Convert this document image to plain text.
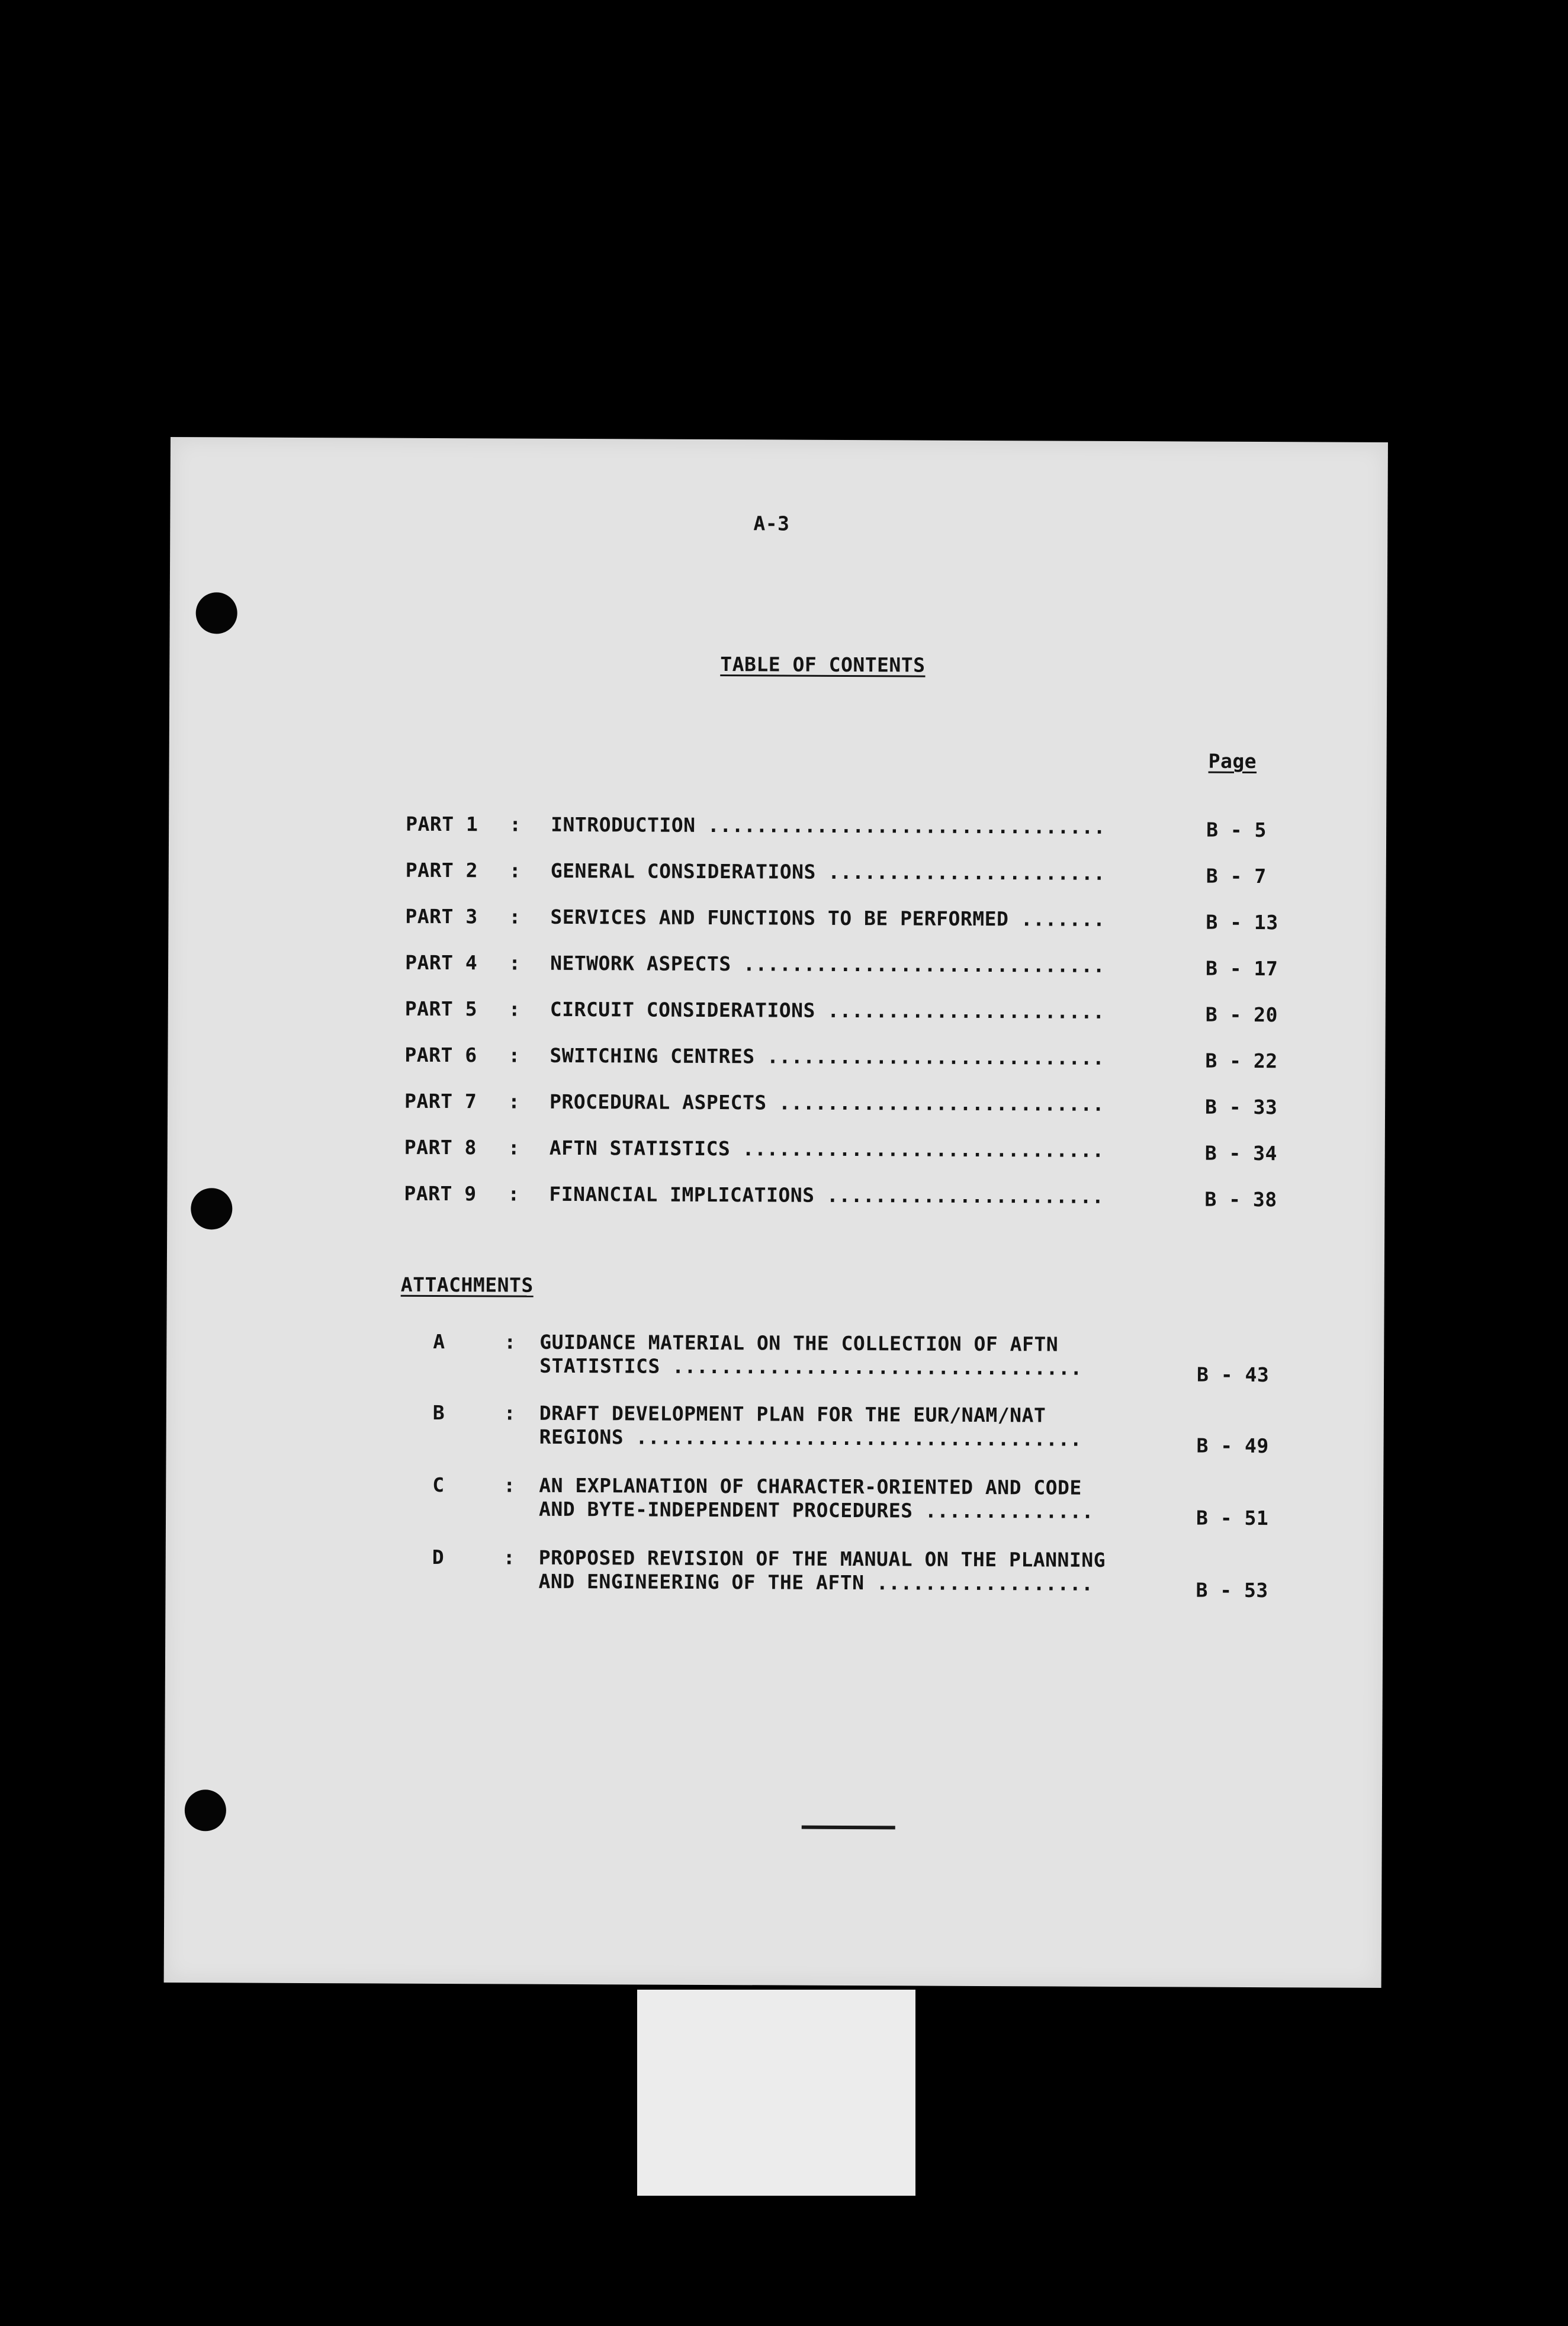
A-3
TABLE OF CONTENTS
Page
PART 1 : INTRODUCTION .................................	B - 5
PART 2 : GENERAL CONSIDERATIONS .......................	B - 7
PART 3 : SERVICES AND FUNCTIONS TO BE PERFORMED .......	B - 13
PART 4 : NETWORK ASPECTS ..............................	B - 17
PART 5 : CIRCUIT CONSIDERATIONS .......................	B - 20
PART 6 : SWITCHING CENTRES ............................	B - 22
PART 7 : PROCEDURAL ASPECTS ...........................	B - 33
PART 8 : AFTN STATISTICS ..............................	B - 34
PART 9 : FINANCIAL IMPLICATIONS .......................	B - 38
ATTACHMENTS
A	: GUIDANCE MATERIAL ON THE COLLECTION OF AFTN
STATISTICS ..................................	B - 43
B	: DRAFT DEVELOPMENT PLAN FOR THE EUR/NAM/NAT
REGIONS .....................................	B - 49
C	: AN EXPLANATION OF CHARACTER-ORIENTED AND CODE
AND BYTE-INDEPENDENT PROCEDURES ..............	B - 51
D	: PROPOSED REVISION OF THE MANUAL ON THE PLANNING
AND ENGINEERING OF THE AFTN ..................	B - 53
